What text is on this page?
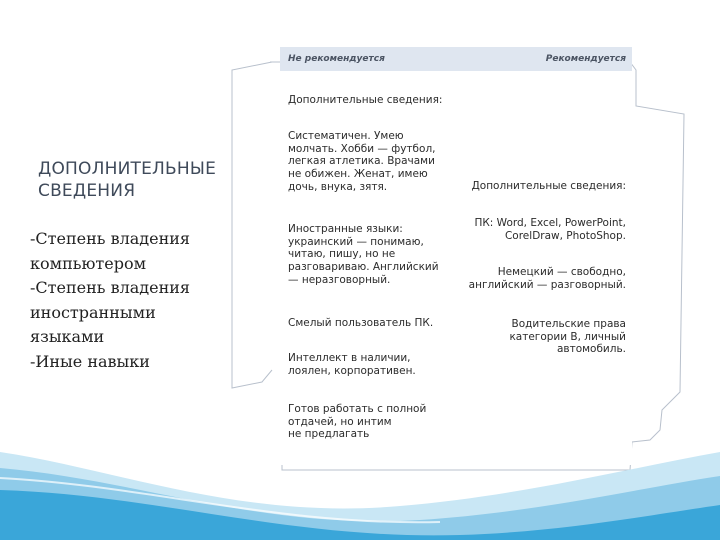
ДОПОЛНИТЕЛЬНЫЕ
СВЕДЕНИЯ
-Степень владения
компьютером
-Степень владения
иностранными
языками
-Иные навыки
Не рекомендуется	Рекомендуется
Дополнительные сведения:
Систематичен. Умею
молчать. Хобби — футбол,
легкая атлетика. Врачами
не обижен. Женат, имею
дочь, внука, зятя.
Иностранные языки:
украинский — понимаю,
читаю, пишу, но не
разговариваю. Английский
— неразговорный.
Смелый пользователь ПК.
Интеллект в наличии,
лоялен, корпоративен.
Готов работать с полной
отдачей, но интим
не предлагать
Дополнительные сведения:
ПК: Word, Excel, PowerPoint,
CorelDraw, PhotoShop.
Немецкий — свободно,
английский — разговорный.
Водительские права
категории В, личный
автомобиль.
